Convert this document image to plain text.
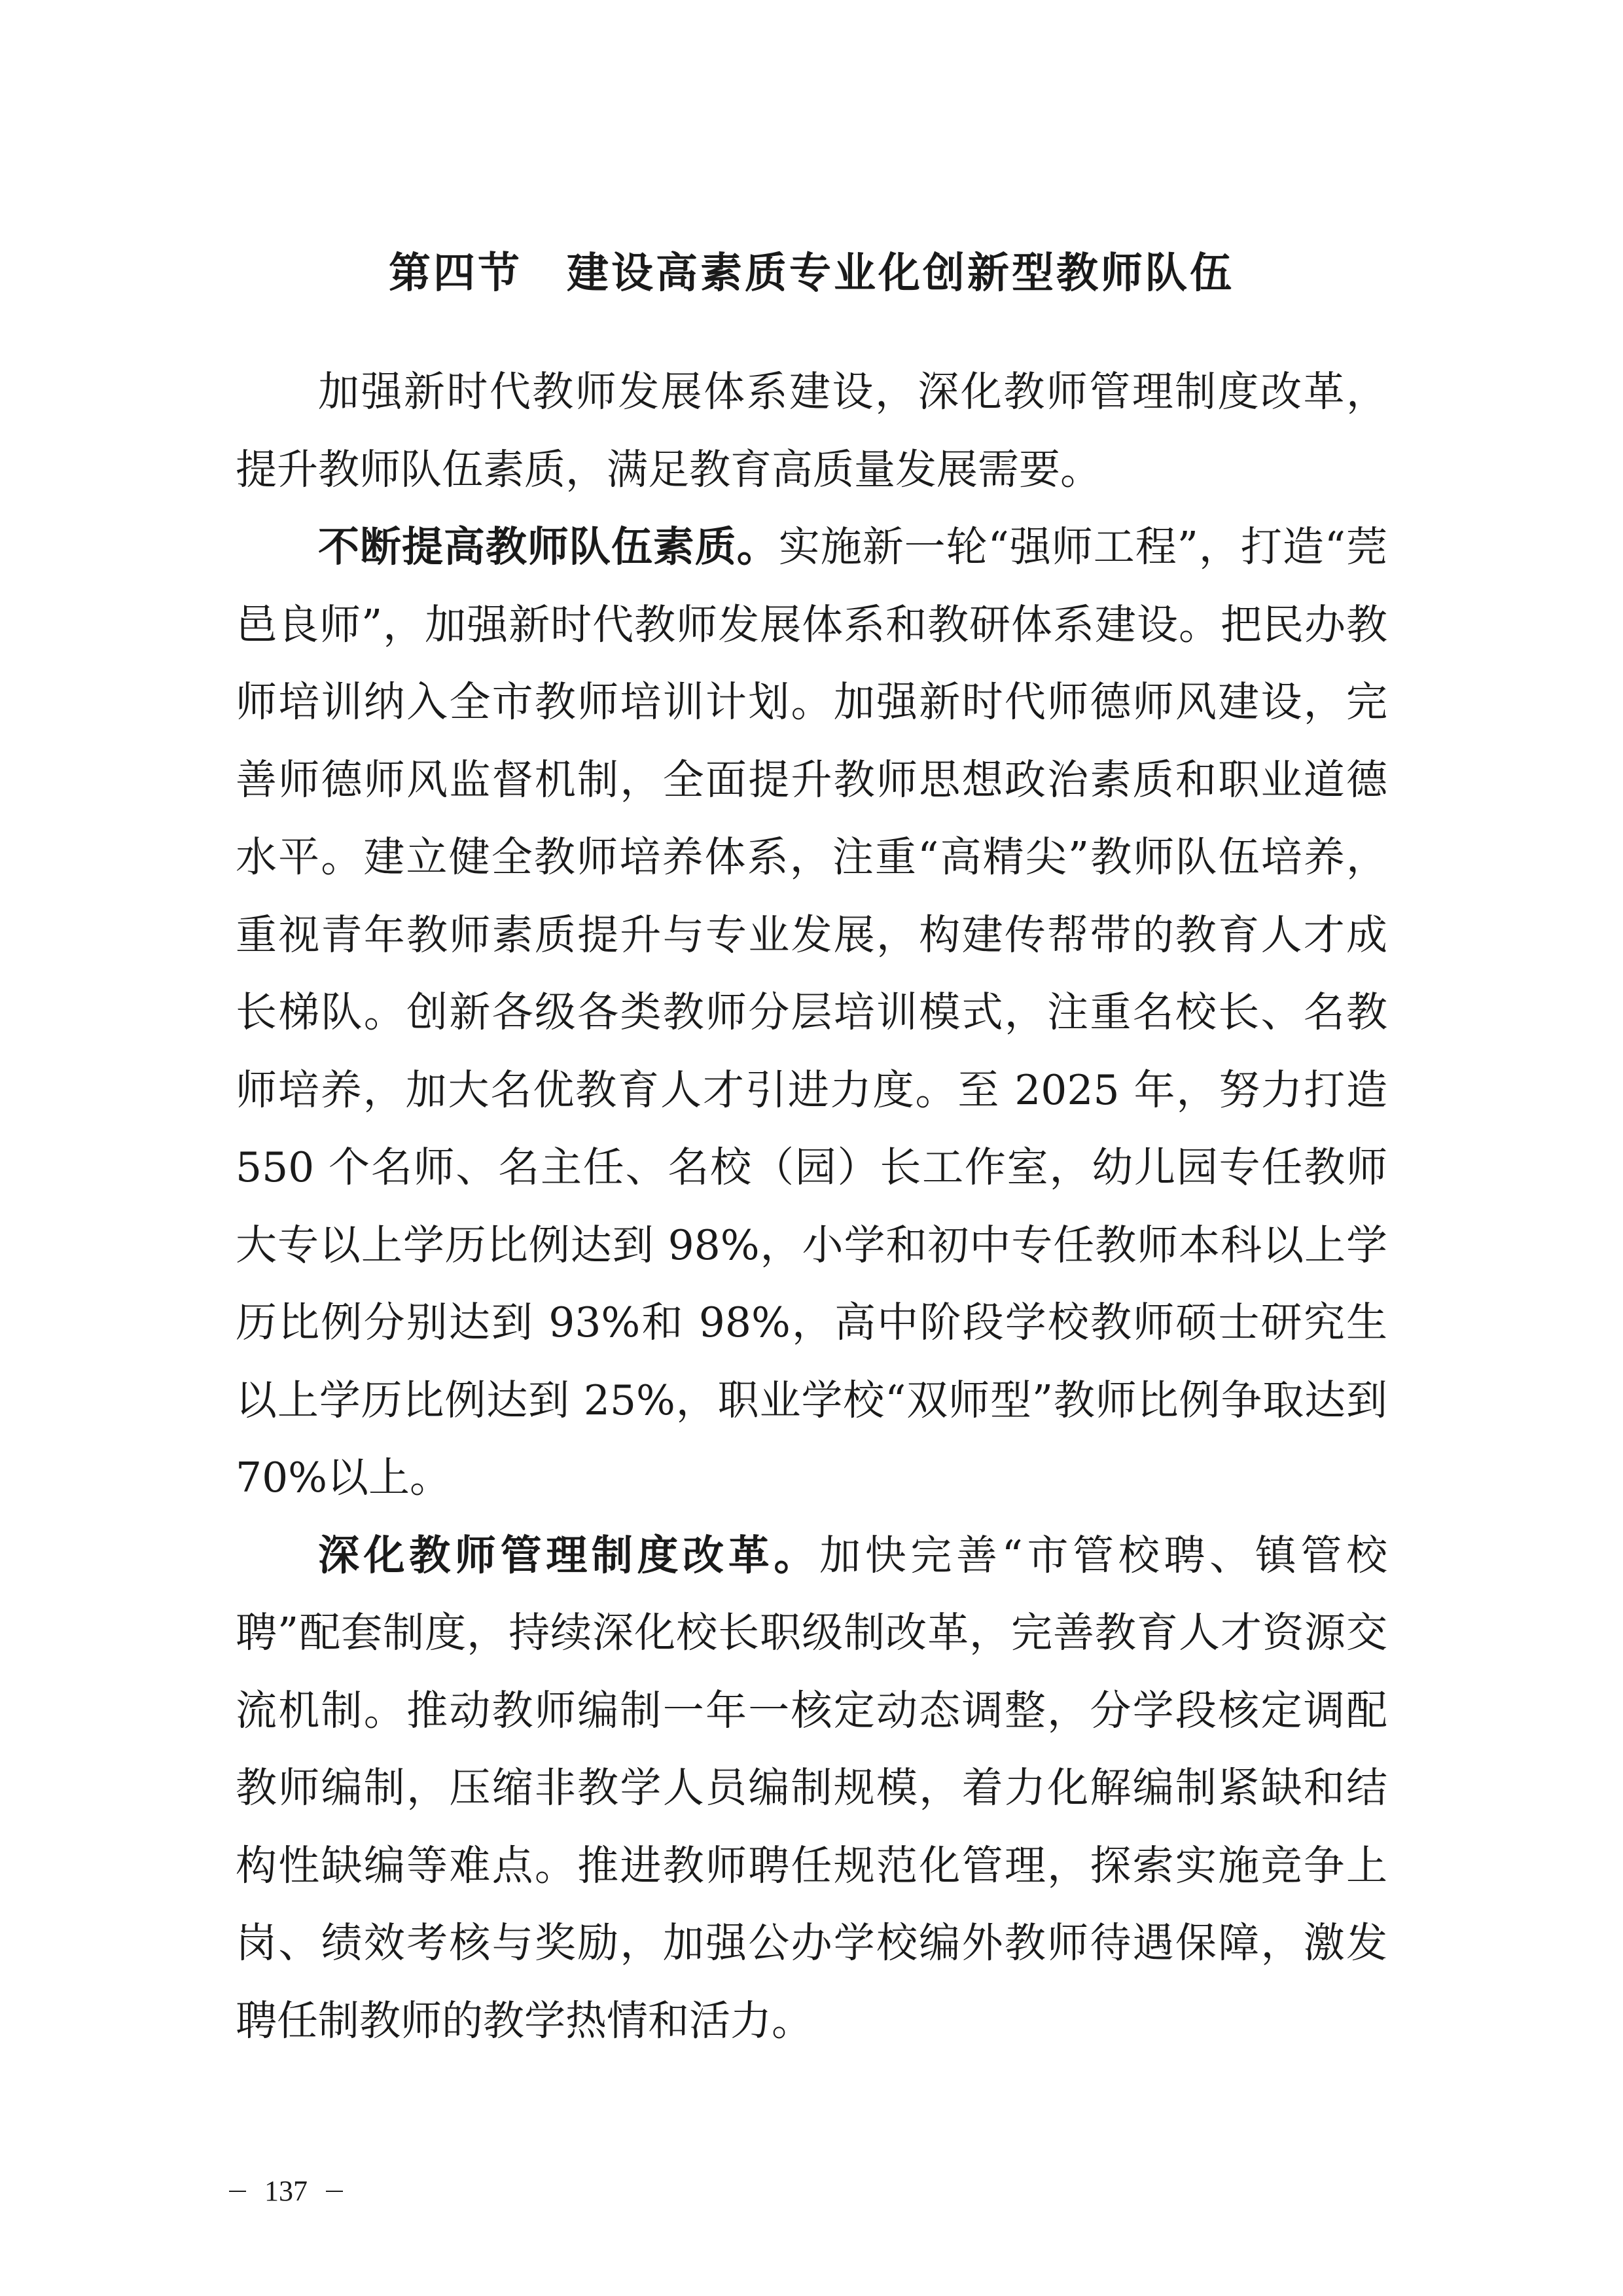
第四节　建设高素质专业化创新型教师队伍

加强新时代教师发展体系建设，深化教师管理制度改革，提升教师队伍素质，满足教育高质量发展需要。

不断提高教师队伍素质。实施新一轮“强师工程”，打造“莞邑良师”，加强新时代教师发展体系和教研体系建设。把民办教师培训纳入全市教师培训计划。加强新时代师德师风建设，完善师德师风监督机制，全面提升教师思想政治素质和职业道德水平。建立健全教师培养体系，注重“高精尖”教师队伍培养，重视青年教师素质提升与专业发展，构建传帮带的教育人才成长梯队。创新各级各类教师分层培训模式，注重名校长、名教师培养，加大名优教育人才引进力度。至 2025 年，努力打造 550 个名师、名主任、名校（园）长工作室，幼儿园专任教师大专以上学历比例达到 98%，小学和初中专任教师本科以上学历比例分别达到 93%和 98%，高中阶段学校教师硕士研究生以上学历比例达到 25%，职业学校“双师型”教师比例争取达到 70%以上。

深化教师管理制度改革。加快完善“市管校聘、镇管校聘”配套制度，持续深化校长职级制改革，完善教育人才资源交流机制。推动教师编制一年一核定动态调整，分学段核定调配教师编制，压缩非教学人员编制规模，着力化解编制紧缺和结构性缺编等难点。推进教师聘任规范化管理，探索实施竞争上岗、绩效考核与奖励，加强公办学校编外教师待遇保障，激发聘任制教师的教学热情和活力。

137
